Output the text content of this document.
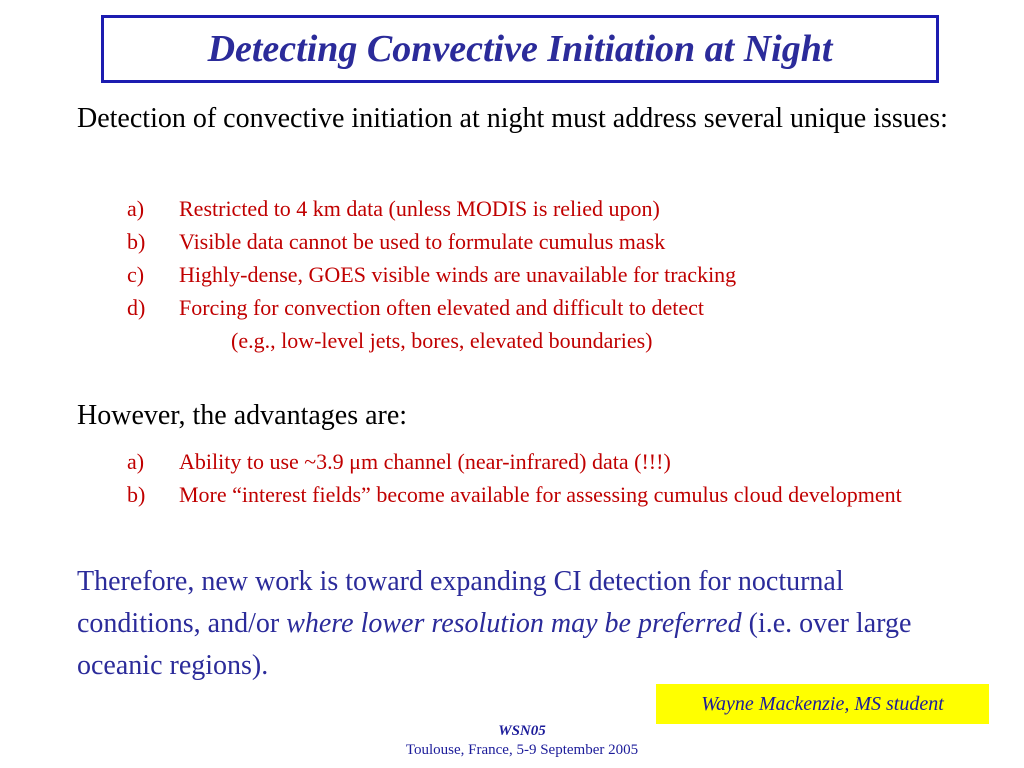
Detecting Convective Initiation at Night
Detection of convective initiation at night must address several unique issues:
a)	Restricted to 4 km data (unless MODIS is relied upon)
b)	Visible data cannot be used to formulate cumulus mask
c)	Highly-dense, GOES visible winds are unavailable for tracking
d)	Forcing for convection often elevated and difficult to detect
(e.g., low-level jets, bores, elevated boundaries)
However, the advantages are:
a)	Ability to use ~3.9 μm channel (near-infrared) data (!!!)
b)	More “interest fields” become available for assessing cumulus cloud development
Therefore, new work is toward expanding CI detection for nocturnal conditions, and/or where lower resolution may be preferred (i.e. over large oceanic regions).
Wayne Mackenzie, MS student
WSN05
Toulouse, France, 5-9 September 2005
